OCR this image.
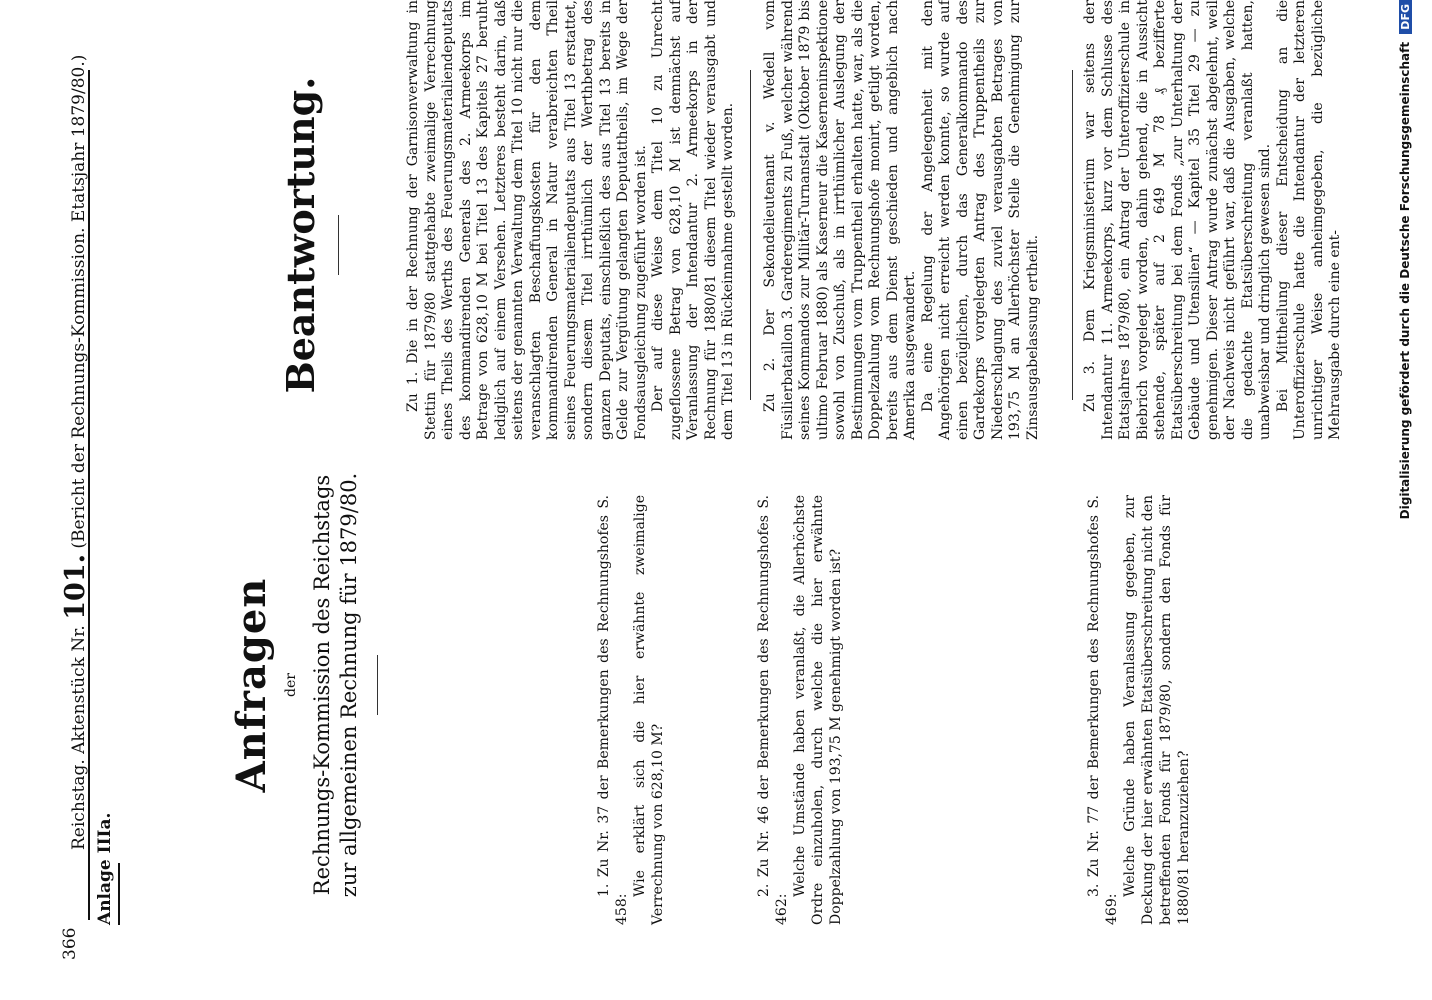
366
Reichstag. Aktenstück Nr. 101. (Bericht der Rechnungs-Kommission. Etatsjahr 1879/80.)
Anlage IIIa.
Anfragen der Rechnungs-Kommission des Reichstags zur allgemeinen Rechnung für 1879/80.
Beantwortung.

1. Zu Nr. 37 der Bemerkungen des Rechnungshofes S. 458:

Wie erklärt sich die hier erwähnte zweimalige Verrechnung von 628,10 M?	2. Zu Nr. 46 der Bemerkungen des Rechnungshofes S. 462:

Welche Umstände haben veranlaßt, die Allerhöchste Ordre einzuholen, durch welche die hier erwähnte Doppelzahlung von 193,75 M genehmigt worden ist?	3. Zu Nr. 77 der Bemerkungen des Rechnungshofes S. 469:

Welche Gründe haben Veranlassung gegeben, zur Deckung der hier erwähnten Etatsüberschreitung nicht den betreffenden Fonds für 1879/80, sondern den Fonds für 1880/81 heranzuziehen?

Zu 1. Die in der Rechnung der Garnisonverwaltung in Stettin für 1879/80 stattgehabte zweimalige Verrechnung eines Theils des Werths des Feuerungsmaterialiendeputats des kommandirenden Generals des 2. Armeekorps im Betrage von 628,10 M bei Titel 13 des Kapitels 27 beruht lediglich auf einem Versehen. Letzteres besteht darin, daß seitens der genannten Verwaltung dem Titel 10 nicht nur die veranschlagten Beschaffungskosten für den dem kommandirenden General in Natur verabreichten Theil seines Feuerungsmaterialiendeputats aus Titel 13 erstattet, sondern diesem Titel irrthümlich der Werthbetrag des ganzen Deputats, einschließlich des aus Titel 13 bereits in Gelde zur Vergütung gelangten Deputattheils, im Wege der Fondsausgleichung zugeführt worden ist. Der auf diese Weise dem Titel 10 zu Unrecht zugeflossene Betrag von 628,10 M ist demnächst auf Veranlassung der Intendantur 2. Armeekorps in der Rechnung für 1880/81 diesem Titel wieder verausgabt und dem Titel 13 in Rückeinnahme gestellt worden. Zu 2. Der Sekondelieutenant v. Wedell vom Füsilierbataillon 3. Garderegiments zu Fuß, welcher während seines Kommandos zur Militär-Turnanstalt (Oktober 1879 bis ultimo Februar 1880) als Kaserneur die Kaserneninspektione sowohl von Zuschuß, als in irrthümlicher Auslegung der Bestimmungen vom Truppentheil erhalten hatte, war, als die Doppelzahlung vom Rechnungshofe monirt, getilgt worden, bereits aus dem Dienst geschieden und angeblich nach Amerika ausgewandert. Da eine Regelung der Angelegenheit mit den Angehörigen nicht erreicht werden konnte, so wurde auf einen bezüglichen, durch das Generalkommando des Gardekorps vorgelegten Antrag des Truppentheils zur Niederschlagung des zuviel verausgabten Betrages von 193,75 M an Allerhöchster Stelle die Genehmigung zur Zinsausgabelassung ertheilt.	Zu 3. Dem Kriegsministerium war seitens der Intendantur 11. Armeekorps, kurz vor dem Schlusse des Etatsjahres 1879/80, ein Antrag der Unteroffizierschule in Biebrich vorgelegt worden, dahin gehend, die in Aussicht stehende, später auf 2 649 M 78 ₰ bezifferte Etatsüberschreitung bei dem Fonds „zur Unterhaltung der Gebäude und Utensilien“ — Kapitel 35 Titel 29 — zu genehmigen. Dieser Antrag wurde zunächst abgelehnt, weil der Nachweis nicht geführt war, daß die Ausgaben, welche die gedachte Etatsüberschreitung veranlaßt hatten, unabweisbar und dringlich gewesen sind. Bei Mittheilung dieser Entscheidung an die Unteroffizierschule hatte die Intendantur der letzteren unrichtiger Weise anheimgegeben, die bezügliche Mehrausgabe durch eine ent-	Digitalisierung gefördert durch die Deutsche Forschungsgemeinschaft DFG
